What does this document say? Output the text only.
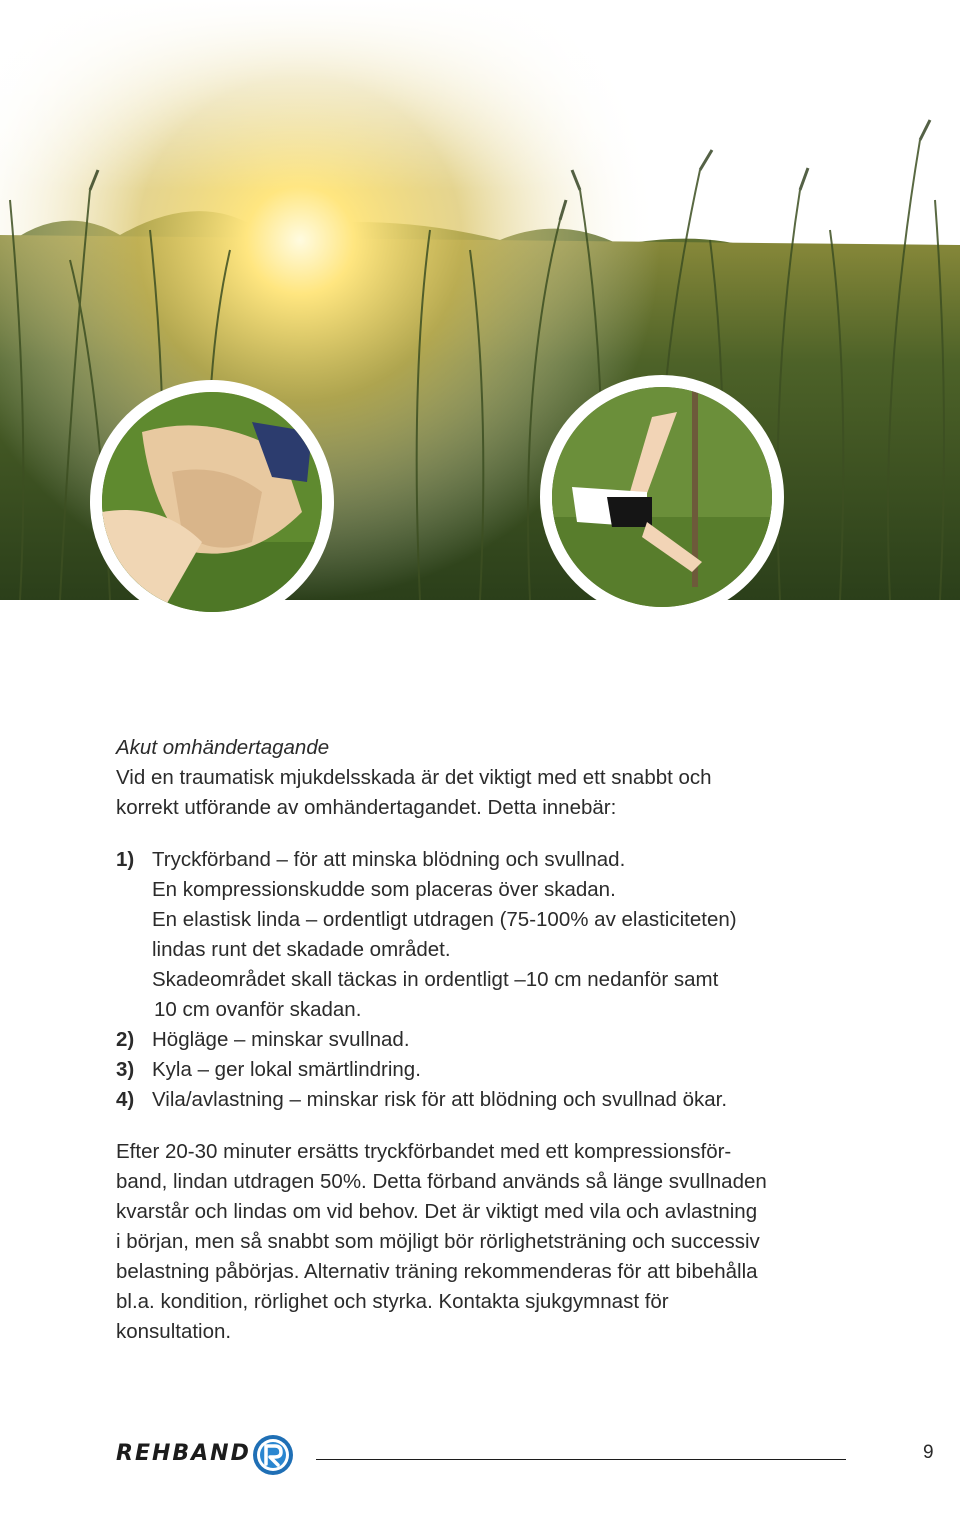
Akut omhändertagande

Vid en traumatisk mjukdelsskada är det viktigt med ett snabbt och

korrekt utförande av omhändertagandet. Detta innebär:

1) Tryckförband – för att minska blödning och svullnad.
En kompressionskudde som placeras över skadan.
En elastisk linda – ordentligt utdragen (75-100% av elasticiteten)
lindas runt det skadade området.
Skadeområdet skall täckas in ordentligt –10 cm nedanför samt
10 cm ovanför skadan.
2) Högläge – minskar svullnad.
3) Kyla – ger lokal smärtlindring.
4) Vila/avlastning – minskar risk för att blödning och svullnad ökar.

Efter 20-30 minuter ersätts tryckförbandet med ett kompressionsför-

band, lindan utdragen 50%. Detta förband används så länge svullnaden

kvarstår och lindas om vid behov. Det är viktigt med vila och avlastning

i början, men så snabbt som möjligt bör rörlighetsträning och successiv

belastning påbörjas. Alternativ träning rekommenderas för att bibehålla

bl.a. kondition, rörlighet och styrka. Kontakta sjukgymnast för

konsultation.

REHBAND	9
